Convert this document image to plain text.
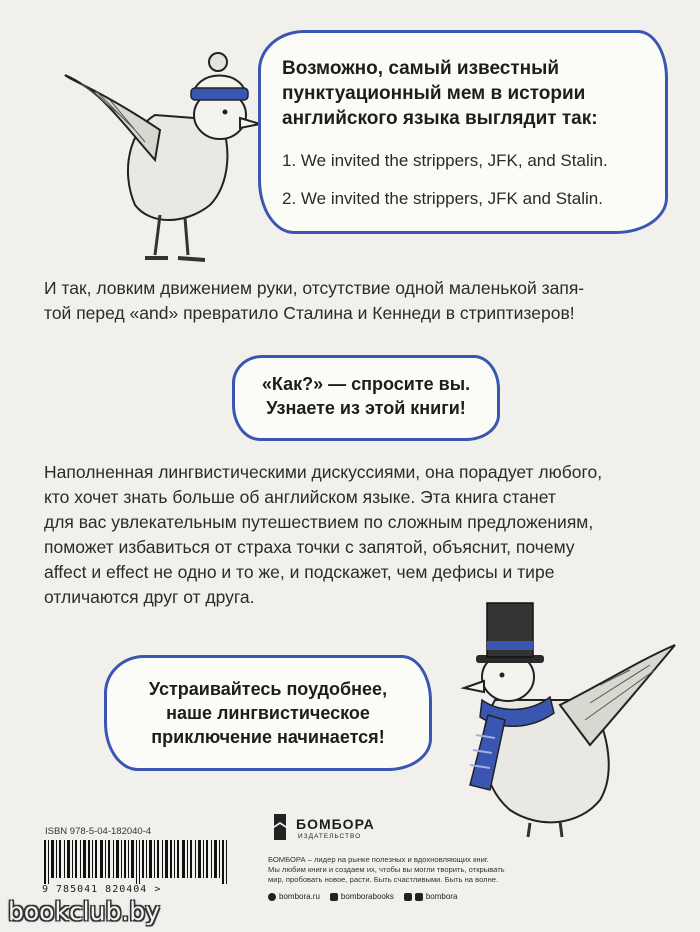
Возможно, самый известный
пунктуационный мем в истории
английского языка выглядит так:
1. We invited the strippers, JFK, and Stalin.
2. We invited the strippers, JFK and Stalin.
И так, ловким движением руки, отсутствие одной маленькой запя-
той перед «and» превратило Сталина и Кеннеди в стриптизеров!
«Как?» — спросите вы.
Узнаете из этой книги!
Наполненная лингвистическими дискуссиями, она порадует любого,
кто хочет знать больше об английском языке. Эта книга станет
для вас увлекательным путешествием по сложным предложениям,
поможет избавиться от страха точки с запятой, объяснит, почему
affect и effect не одно и то же, и подскажет, чем дефисы и тире
отличаются друг от друга.
Устраивайтесь поудобнее,
наше лингвистическое
приключение начинается!
ISBN 978-5-04-182040-4
9 785041 820404 >
БОМБОРА
ИЗДАТЕЛЬСТВО
БОМБОРА – лидер на рынке полезных и вдохновляющих книг.
Мы любим книги и создаем их, чтобы вы могли творить, открывать
мир, пробовать новое, расти. Быть счастливыми. Быть на волне.
bombora.ru	bomborabooks	bombora
bookclub.by
